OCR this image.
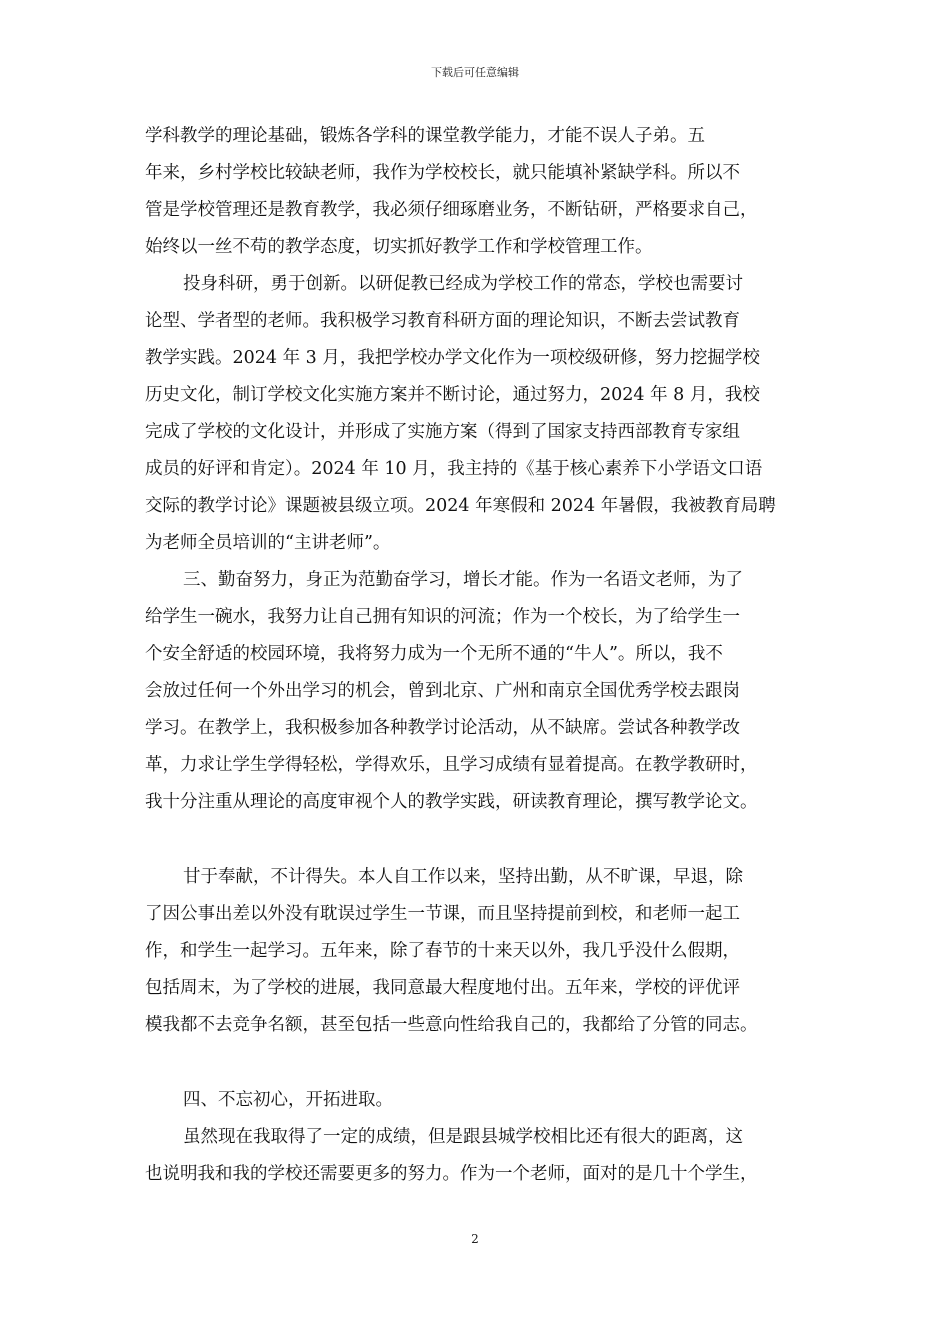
下载后可任意编辑
学科教学的理论基础，锻炼各学科的课堂教学能力，才能不误人子弟。五
年来，乡村学校比较缺老师，我作为学校校长，就只能填补紧缺学科。所以不
管是学校管理还是教育教学，我必须仔细琢磨业务，不断钻研，严格要求自己，
始终以一丝不苟的教学态度，切实抓好教学工作和学校管理工作。
投身科研，勇于创新。以研促教已经成为学校工作的常态，学校也需要讨
论型、学者型的老师。我积极学习教育科研方面的理论知识，不断去尝试教育
教学实践。2024 年 3 月，我把学校办学文化作为一项校级研修，努力挖掘学校
历史文化，制订学校文化实施方案并不断讨论，通过努力，2024 年 8 月，我校
完成了学校的文化设计，并形成了实施方案（得到了国家支持西部教育专家组
成员的好评和肯定）。2024 年 10 月，我主持的《基于核心素养下小学语文口语
交际的教学讨论》课题被县级立项。2024 年寒假和 2024 年暑假，我被教育局聘
为老师全员培训的“主讲老师”。
三、勤奋努力，身正为范勤奋学习，增长才能。作为一名语文老师，为了
给学生一碗水，我努力让自己拥有知识的河流；作为一个校长，为了给学生一
个安全舒适的校园环境，我将努力成为一个无所不通的“牛人”。所以，我不
会放过任何一个外出学习的机会，曾到北京、广州和南京全国优秀学校去跟岗
学习。在教学上，我积极参加各种教学讨论活动，从不缺席。尝试各种教学改
革，力求让学生学得轻松，学得欢乐，且学习成绩有显着提高。在教学教研时，
我十分注重从理论的高度审视个人的教学实践，研读教育理论，撰写教学论文。
甘于奉献，不计得失。本人自工作以来，坚持出勤，从不旷课，早退，除
了因公事出差以外没有耽误过学生一节课，而且坚持提前到校，和老师一起工
作，和学生一起学习。五年来，除了春节的十来天以外，我几乎没什么假期，
包括周末，为了学校的进展，我同意最大程度地付出。五年来，学校的评优评
模我都不去竞争名额，甚至包括一些意向性给我自己的，我都给了分管的同志。
四、不忘初心，开拓进取。
虽然现在我取得了一定的成绩，但是跟县城学校相比还有很大的距离，这
也说明我和我的学校还需要更多的努力。作为一个老师，面对的是几十个学生，
2
